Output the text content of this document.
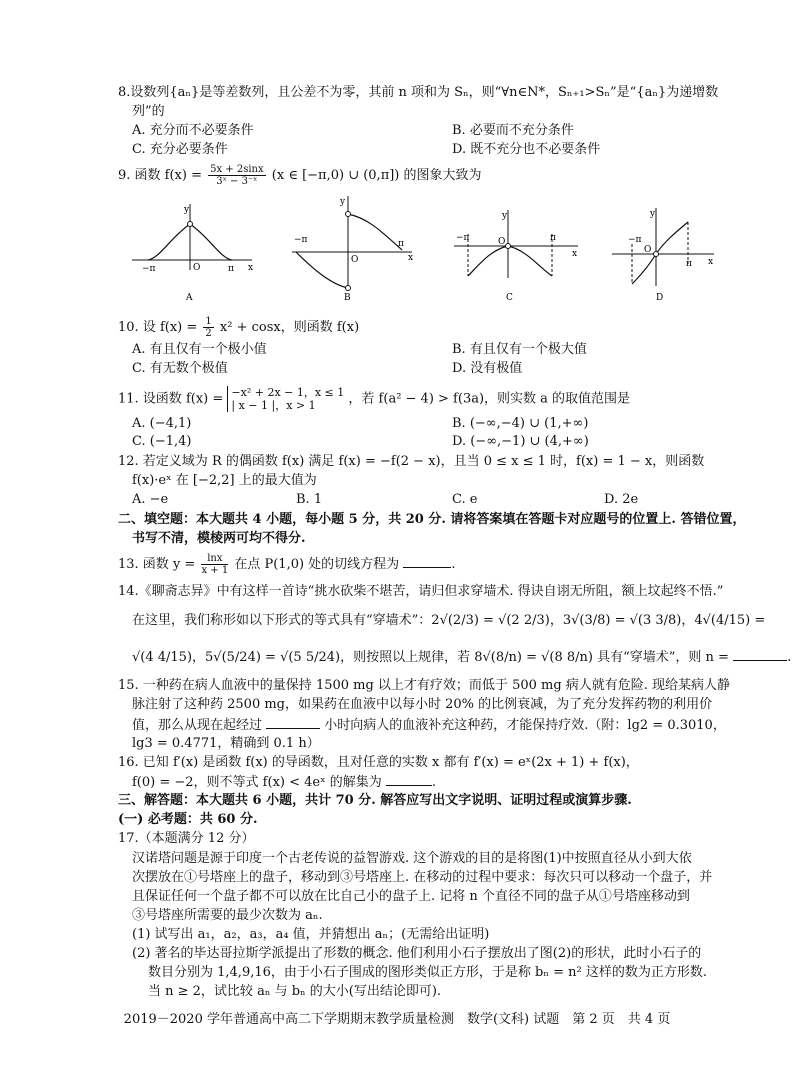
8.设数列{aₙ}是等差数列，且公差不为零，其前 n 项和为 Sₙ，则“∀n∈N*，Sₙ₊₁>Sₙ”是“{aₙ}为递增数
列”的
A. 充分而不必要条件	B. 必要而不充分条件
C. 充分必要条件	D. 既不充分也不必要条件
9. 函数 $f(x) = \frac{5x + 2\sin x}{\text{3ˣ − 3⁻ˣ}} (x$ ∈ [−π,0) ∪ (0,π]) 的图象大致为
y
x
O
−π	π
A
y
x
O
−π	π
B
y
x
O
−π	π
C
y
x
O
−π
π
D
10. 设 $f(x) = \frac{1}{2} x^2 + \cos x$，则函数 f(x)
A. 有且仅有一个极小值	B. 有且仅有一个极大值
C. 有无数个极值	D. 没有极值
11. 设函数 f(x) = −x² + 2x − 1，x ≤ 1
| x − 1 |，x > 1	，若 f(a² − 4) > f(3a)，则实数 a 的取值范围是
A. (−4,1)	B. (−∞,−4) ∪ (1,+∞)
C. (−1,4)	D. (−∞,−1) ∪ (4,+∞)
12. 若定义域为 R 的偶函数 f(x) 满足 f(x) = −f(2 − x)，且当 0 ≤ x ≤ 1 时，f(x) = 1 − x，则函数
f(x)·eˣ 在 [−2,2] 上的最大值为
A. −e	B. 1	C. e	D. 2e
二、填空题：本大题共 4 小题，每小题 5 分，共 20 分. 请将答案填在答题卡对应题号的位置上. 答错位置，
书写不清，模棱两可均不得分.
13. 函数 $y = \frac{\ln x}{x + 1}$ 在点 P(1,0) 处的切线方程为	.
14.《聊斋志异》中有这样一首诗“挑水砍柴不堪苦，请归但求穿墙术. 得诀自诩无所阻，额上坟起终不悟.”
在这里，我们称形如以下形式的等式具有“穿墙术”：2√(2/3) = √(2 2/3)，3√(3/8) = √(3 3/8)，4√(4/15) =
√(4 4/15)，5√(5/24) = √(5 5/24)，则按照以上规律，若 8√(8/n) = √(8 8/n) 具有“穿墙术”，则 n =	.
15. 一种药在病人血液中的量保持 1500 mg 以上才有疗效；而低于 500 mg 病人就有危险. 现给某病人静
脉注射了这种药 2500 mg，如果药在血液中以每小时 20% 的比例衰减，为了充分发挥药物的利用价
值，那么从现在起经过	小时向病人的血液补充这种药，才能保持疗效.（附：lg2 = 0.3010，
lg3 = 0.4771，精确到 0.1 h）
16. 已知 f′(x) 是函数 f(x) 的导函数，且对任意的实数 x 都有 f′(x) = eˣ(2x + 1) + f(x)，
f(0) = −2，则不等式 f(x) < 4eˣ 的解集为	.
三、解答题：本大题共 6 小题，共计 70 分. 解答应写出文字说明、证明过程或演算步骤.
(一) 必考题：共 60 分.
17.（本题满分 12 分）
汉诺塔问题是源于印度一个古老传说的益智游戏. 这个游戏的目的是将图(1)中按照直径从小到大依
次摆放在①号塔座上的盘子，移动到③号塔座上. 在移动的过程中要求：每次只可以移动一个盘子，并
且保证任何一个盘子都不可以放在比自己小的盘子上. 记将 n 个直径不同的盘子从①号塔座移动到
③号塔座所需要的最少次数为 aₙ.
(1) 试写出 a₁，a₂，a₃，a₄ 值，并猜想出 aₙ；(无需给出证明)
(2) 著名的毕达哥拉斯学派提出了形数的概念. 他们利用小石子摆放出了图(2)的形状，此时小石子的
数目分别为 1,4,9,16，由于小石子围成的图形类似正方形，于是称 bₙ = n² 这样的数为正方形数.
当 n ≥ 2，试比较 aₙ 与 bₙ 的大小(写出结论即可).
2019－2020 学年普通高中高二下学期期末教学质量检测　数学(文科) 试题　第 2 页　共 4 页
